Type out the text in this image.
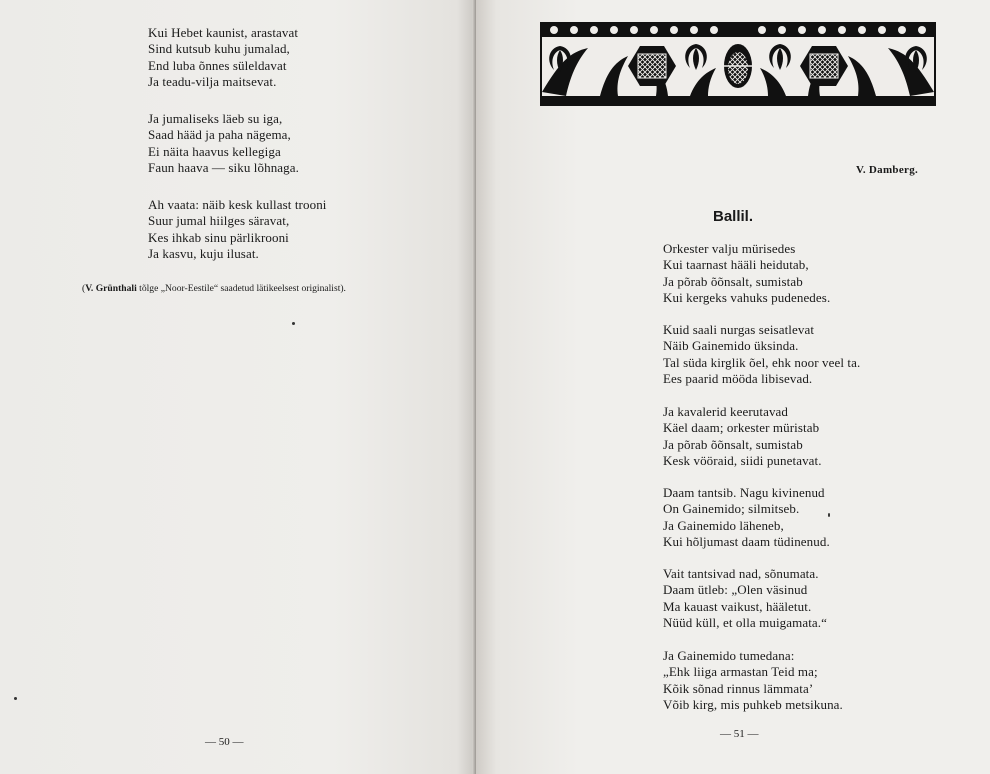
Kui Hebet kaunist, arastavat
Sind kutsub kuhu jumalad,
End luba õnnes süleldavat
Ja teadu-vilja maitsevat.
Ja jumaliseks läeb su iga,
Saad hääd ja paha nägema,
Ei näita haavus kellegiga
Faun haava — siku lõhnaga.
Ah vaata: näib kesk kullast trooni
Suur jumal hiilges säravat,
Kes ihkab sinu pärlikrooni
Ja kasvu, kuju ilusat.
(V. Grünthali tõlge „Noor-Eestile“ saadetud lätikeelsest originalist).
— 50 —
Orkester valju mürisedes
Kui taarnast hääli heidutab,
Ja põrab õõnsalt, sumistab
Kui kergeks vahuks pudenedes.
Kuid saali nurgas seisatlevat
Näib Gainemido üksinda.
Tal süda kirglik õel, ehk noor veel ta.
Ees paarid mööda libisevad.
Ja kavalerid keerutavad
Käel daam; orkester müristab
Ja põrab õõnsalt, sumistab
Kesk vööraid, siidi punetavat.
Daam tantsib. Nagu kivinenud
On Gainemido; silmitseb.
Ja Gainemido läheneb,
Kui hõljumast daam tüdinenud.
Vait tantsivad nad, sõnumata.
Daam ütleb: „Olen väsinud
Ma kauast vaikust, hääletut.
Nüüd küll, et olla muigamata.“
Ja Gainemido tumedana:
„Ehk liiga armastan Teid ma;
Kõik sõnad rinnus lämmata’
Võib kirg, mis puhkeb metsikuna.
— 51 —
V. Damberg.
Ballil.
